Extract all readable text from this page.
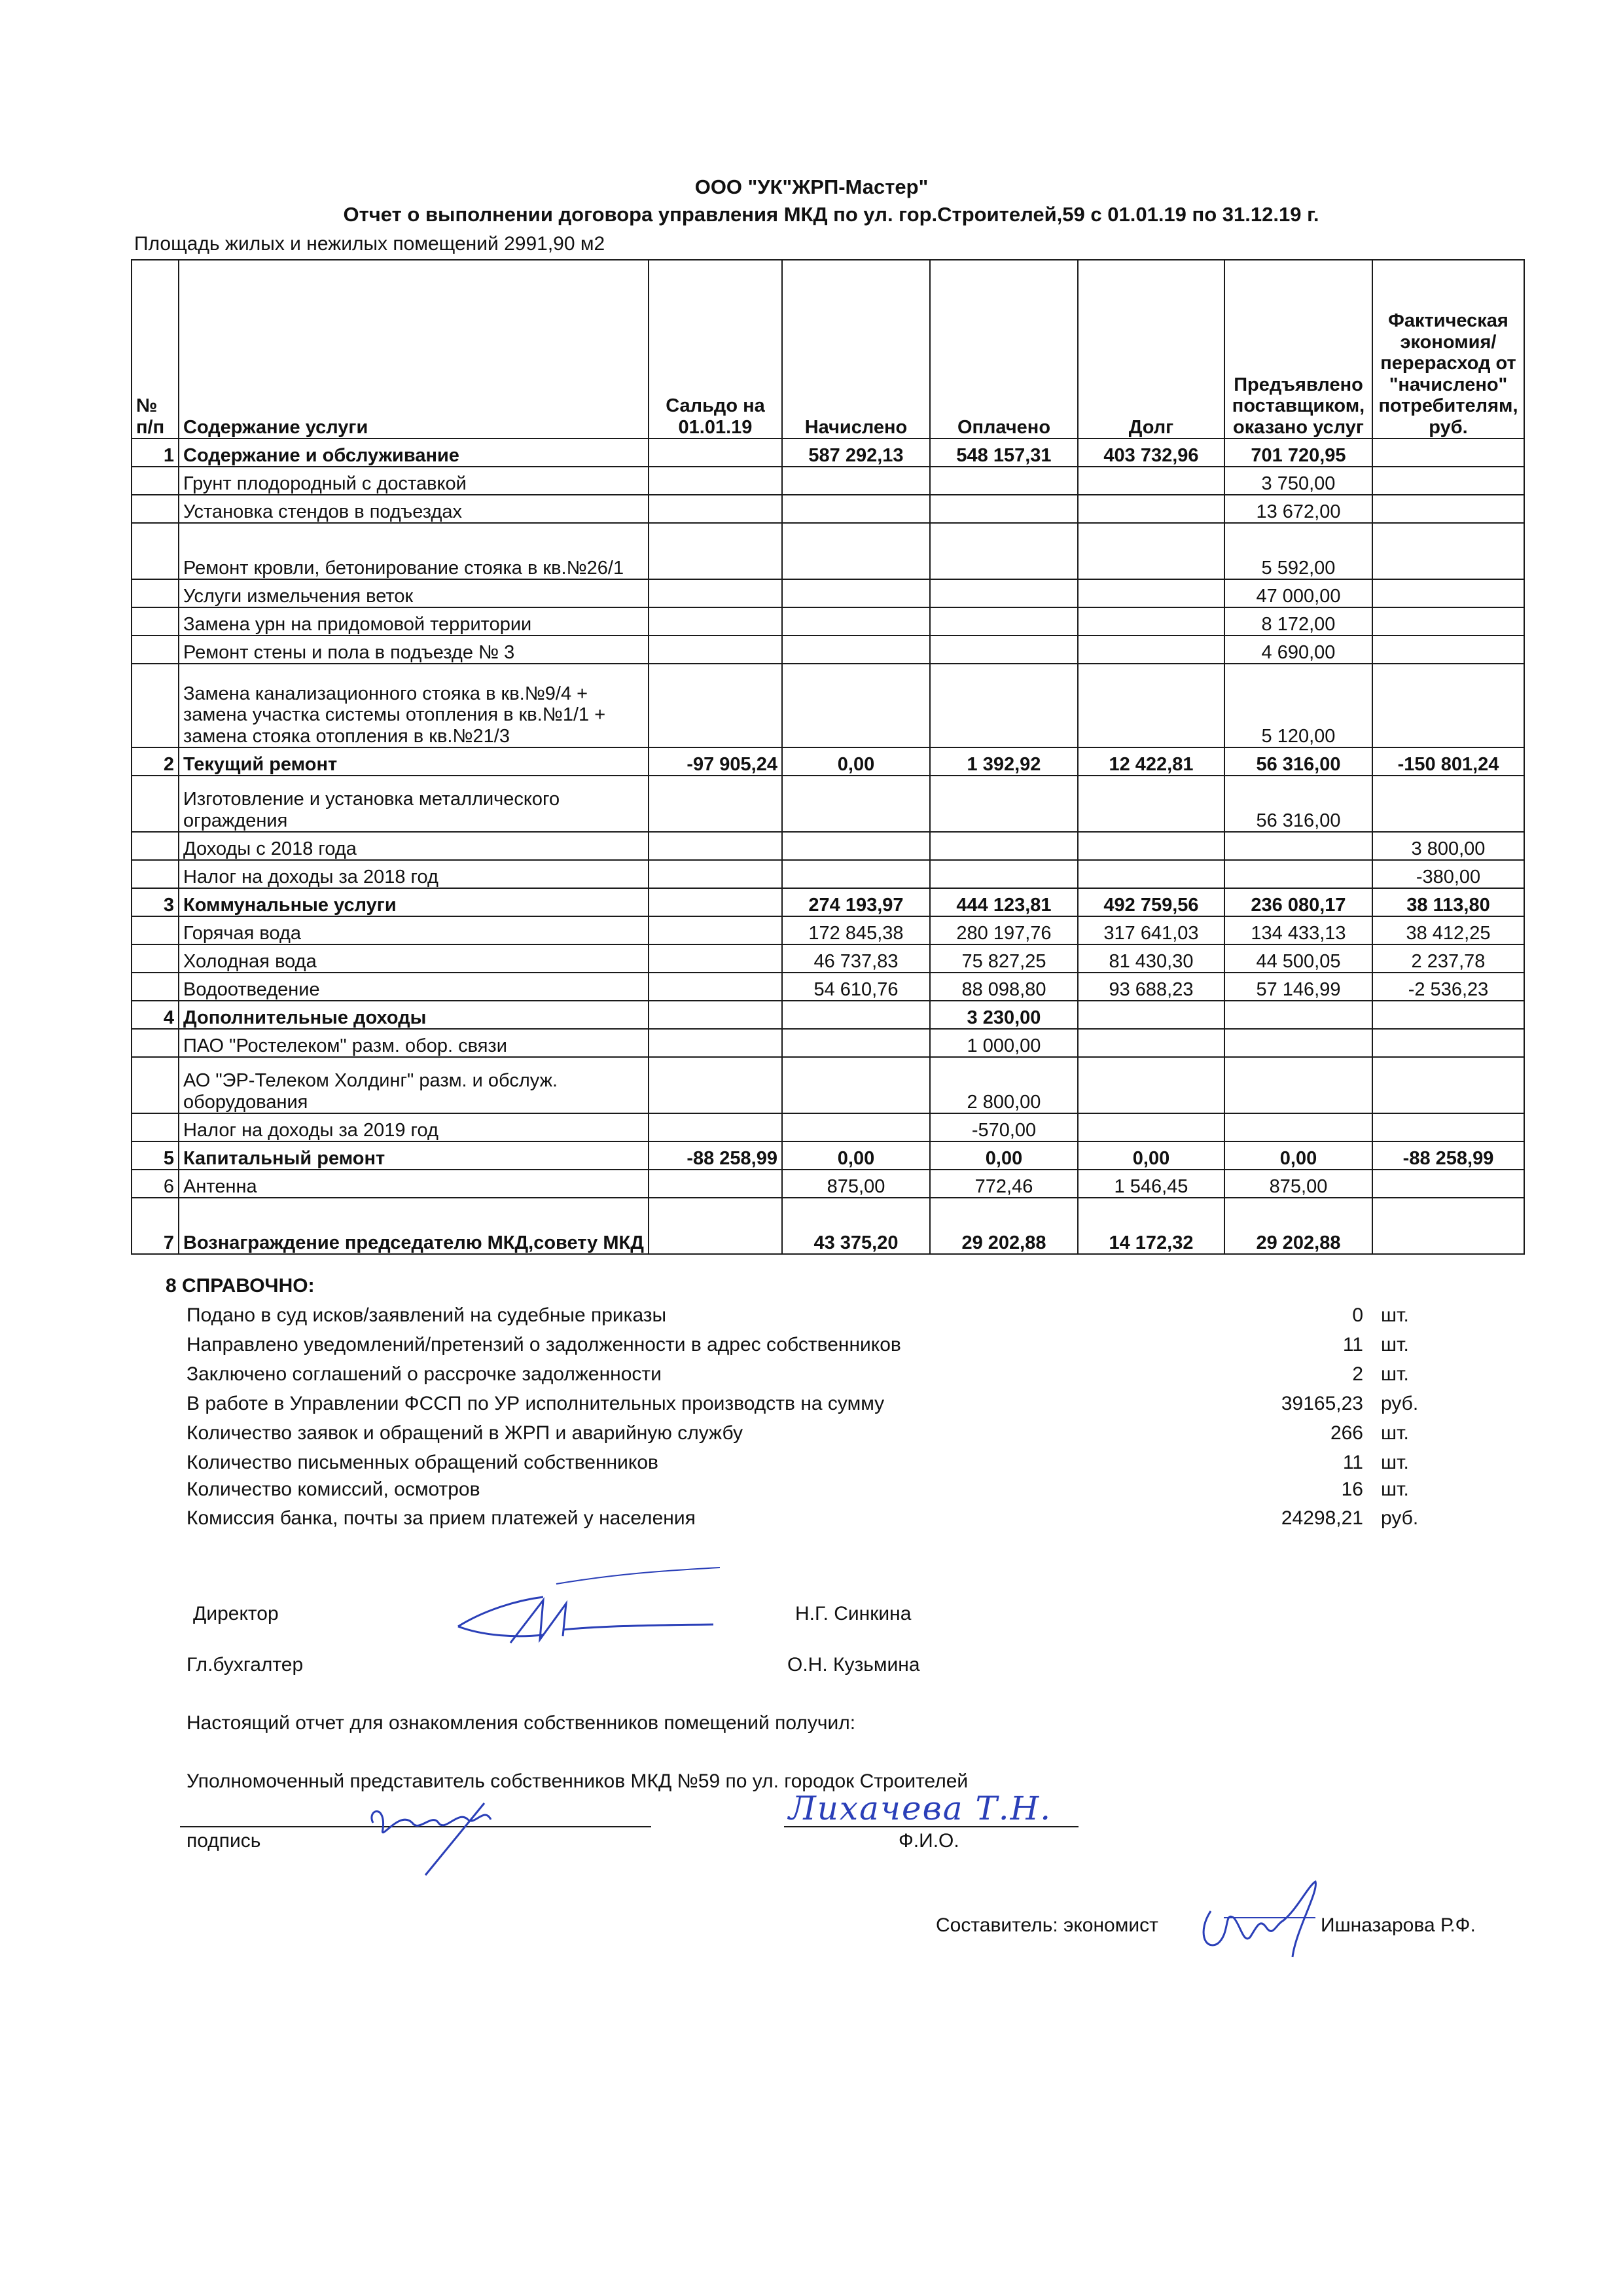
ООО "УК"ЖРП-Мастер"
Отчет о выполнении договора управления МКД по ул. гор.Строителей,59 с 01.01.19 по 31.12.19 г.
Площадь жилых и нежилых помещений 2991,90 м2
№ п/п	Содержание услуги	Сальдо на 01.01.19	Начислено	Оплачено	Долг	Предъявлено поставщиком, оказано услуг	Фактическая экономия/перерасход от "начислено" потребителям, руб.
1	Содержание и обслуживание		587 292,13	548 157,31	403 732,96	701 720,95	
	Грунт плодородный с доставкой					3 750,00	
	Установка стендов в подъездах					13 672,00	
	Ремонт кровли, бетонирование стояка в кв.№26/1					5 592,00	
	Услуги измельчения веток					47 000,00	
	Замена урн на придомовой территории					8 172,00	
	Ремонт стены и пола в подъезде № 3					4 690,00	
	Замена канализационного стояка в кв.№9/4 + замена участка системы отопления в кв.№1/1 + замена стояка отопления в кв.№21/3					5 120,00	
2	Текущий ремонт	-97 905,24	0,00	1 392,92	12 422,81	56 316,00	-150 801,24
	Изготовление и установка металлического ограждения					56 316,00	
	Доходы с 2018 года						3 800,00
	Налог на доходы за 2018 год						-380,00
3	Коммунальные услуги		274 193,97	444 123,81	492 759,56	236 080,17	38 113,80
	Горячая вода		172 845,38	280 197,76	317 641,03	134 433,13	38 412,25
	Холодная вода		46 737,83	75 827,25	81 430,30	44 500,05	2 237,78
	Водоотведение		54 610,76	88 098,80	93 688,23	57 146,99	-2 536,23
4	Дополнительные доходы			3 230,00			
	ПАО "Ростелеком" разм. обор. связи			1 000,00			
	АО "ЭР-Телеком Холдинг" разм. и обслуж. оборудования			2 800,00			
	Налог на доходы за 2019 год			-570,00			
5	Капитальный ремонт	-88 258,99	0,00	0,00	0,00	0,00	-88 258,99
6	Антенна		875,00	772,46	1 546,45	875,00	
7	Вознаграждение председателю МКД,совету МКД		43 375,20	29 202,88	14 172,32	29 202,88	
8 СПРАВОЧНО:
Подано в суд исков/заявлений на судебные приказы	0 шт.
Направлено уведомлений/претензий о задолженности в адрес собственников	11 шт.
Заключено соглашений о рассрочке задолженности	2 шт.
В работе в Управлении ФССП по УР исполнительных производств на сумму	39165,23 руб.
Количество заявок и обращений в ЖРП и аварийную службу	266 шт.
Количество письменных обращений собственников	11 шт.
Количество комиссий, осмотров	16 шт.
Комиссия банка, почты за прием платежей у населения	24298,21 руб.
Директор	Н.Г. Синкина
Гл.бухгалтер	О.Н. Кузьмина
Настоящий отчет для ознакомления собственников помещений получил:
Уполномоченный представитель собственников МКД №59 по ул. городок Строителей
Лихачева Т.Н.
подпись	Ф.И.О.
Составитель: экономист	Ишназарова Р.Ф.
